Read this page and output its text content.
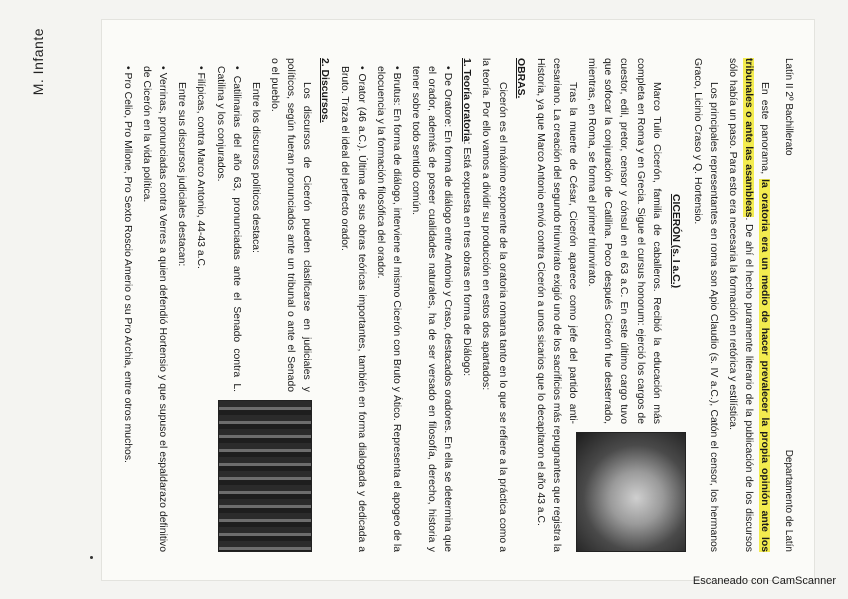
M. Infante	Latín II 2º Bachillerato
Departamento de Latín

En este panorama, la oratoria era un medio de hacer prevalecer la propia opinión ante los tribunales o ante las asambleas. De ahí el hecho puramente literario de la publicación de los discursos sólo había un paso. Para esto era necesaria la formación en retórica y estilística.

Los principales representantes en roma son Apio Claudio (s. IV a.C.), Catón el censor, los hermanos Graco, Licinio Craso y Q. Hortensio.

CICERÓN (s. I a.C.)

Marco Tulio Cicerón, familia de caballeros. Recibió la educación más completa en Roma y en Grecia. Sigue el cursus honorum: ejerció los cargos de cuestor, edil, pretor, censor y cónsul en el 63 a.C. En este último cargo tuvo que sofocar la conjuración de Catilina. Poco después Cicerón fue desterrado, mientras, en Roma, se forma el primer triunvirato.

Tras la muerte de César, Cicerón aparece como jefe del partido anti-cesariano. La creación del segundo triunvirato exigió uno de los sacrificios más repugnantes que registra la Historia, ya que Marco Antonio envió contra Cicerón a unos sicarios que lo decapitaron el año 43 a.C.

OBRAS.

Cicerón es el máximo exponente de la oratoria romana tanto en lo que se refiere a la práctica como a la teoría. Por ello vamos a dividir su producción en estos dos apartados:

1. Teoría oratoria: Está expuesta en tres obras en forma de Diálogo:

• De Oratore: En forma de diálogo entre Antonio y Craso, destacados oradores. En ella se determina que el orador, además de poseer cualidades naturales, ha de ser versado en filosofía, derecho, historia y tener sobre todo sentido común.

• Brutus: En forma de diálogo, interviene el mismo Cicerón con Bruto y Ático. Representa el apogeo de la elocuencia y la formación filosófica del orador.

• Orator (46 a.C.). Última de sus obras teóricas importantes, también en forma dialogada y dedicada a Bruto. Traza el ideal del perfecto orador.

2. Discursos.

Los discursos de Cicerón pueden clasificarse en judiciales y políticos, según fueran pronunciados ante un tribunal o ante el Senado o el pueblo.

Entre los discursos políticos destaca:

• Catilinarias del año 63, pronunciadas ante el Senado contra L. Catilina y los conjurados.

• Filípicas, contra Marco Antonio, 44-43 a.C.

Entre sus discursos judiciales destacan:

• Verrinas, pronunciadas contra Verres a quien defendió Hortensio y que supuso el espaldarazo definitivo de Cicerón en la vida política.

• Pro Celio, Pro Milone, Pro Sexto Roscio Amerio o su Pro Archia, entre otros muchos.

Escaneado con CamScanner
